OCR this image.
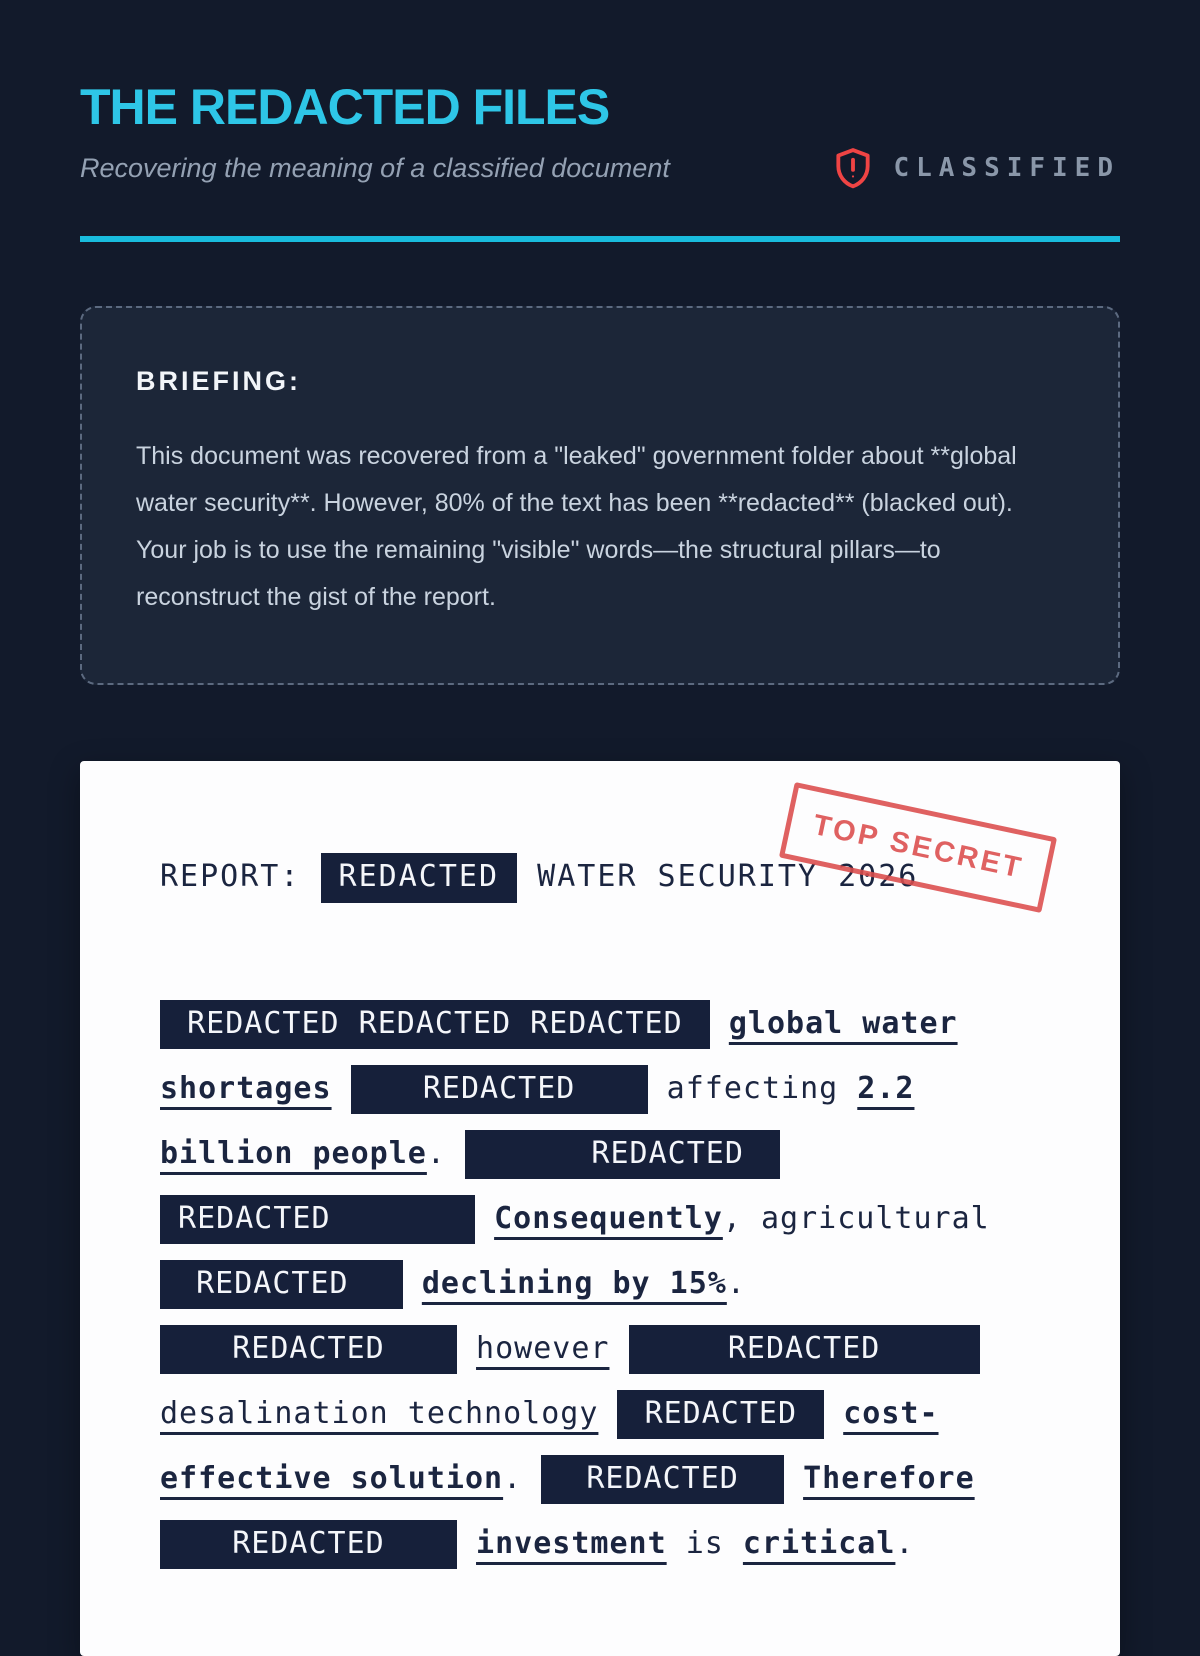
THE REDACTED FILES
Recovering the meaning of a classified document	CLASSIFIED
BRIEFING:

This document was recovered from a "leaked" government folder about **global water security**. However, 80% of the text has been **redacted** (blacked out). Your job is to use the remaining "visible" words—the structural pillars—to reconstruct the gist of the report.

TOP SECRET

REPORT: REDACTED WATER SECURITY 2026

REDACTED REDACTED REDACTED global water shortages	REDACTED	affecting 2.2 billion people.	REDACTED REDACTED	Consequently, agricultural REDACTED declining by 15%. REDACTED	however	REDACTED desalination technology REDACTED cost-effective solution. REDACTED Therefore REDACTED	investment is critical.
